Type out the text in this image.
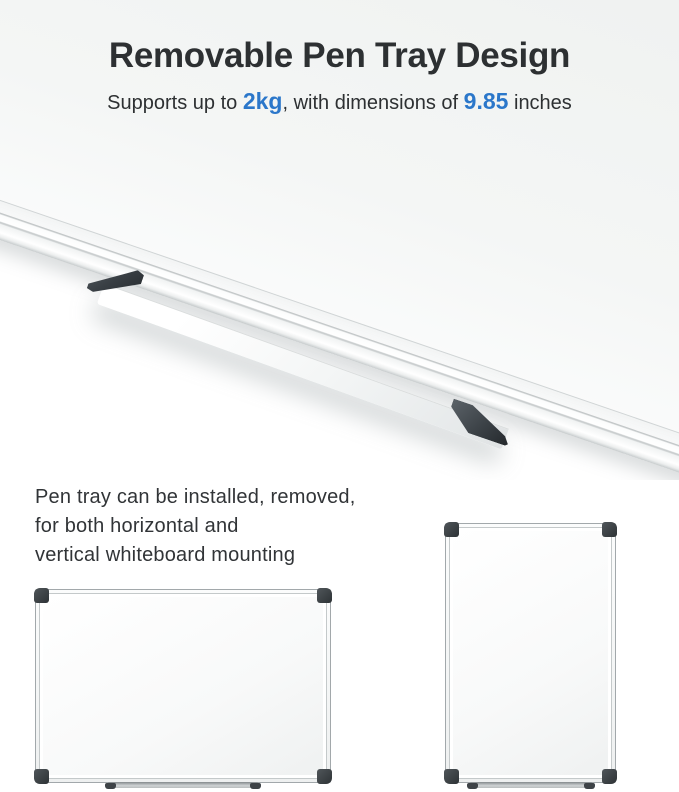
Removable Pen Tray Design
Supports up to 2kg, with dimensions of 9.85 inches
Pen tray can be installed, removed,
for both horizontal and
vertical whiteboard mounting
